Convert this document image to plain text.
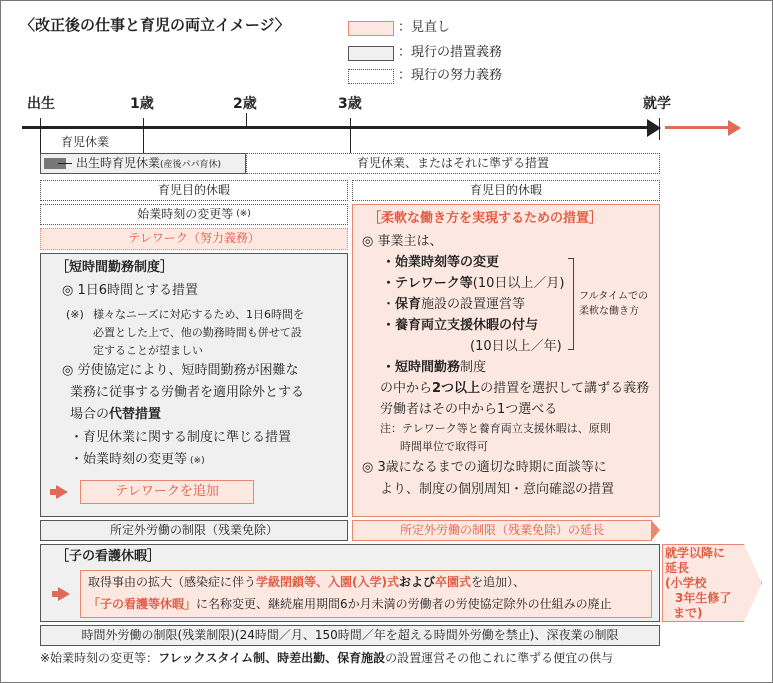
〈改正後の仕事と育児の両立イメージ〉	：見直し
：現行の措置義務
：現行の努力義務
出生	1歳	2歳	3歳	就学
育児休業
出生時育児休業(産後パパ育休)	育児休業、またはそれに準ずる措置
育児目的休暇	育児目的休暇
始業時刻の変更等 (※)
テレワーク（努力義務）
［短時間勤務制度］
◎ 1日6時間とする措置
(※) 様々なニーズに対応するため、1日6時間を
必置とした上で、他の勤務時間も併せて設
定することが望ましい
◎ 労使協定により、短時間勤務が困難な
業務に従事する労働者を適用除外とする
場合の代替措置
・育児休業に関する制度に準じる措置
・始業時刻の変更等 (※)
テレワークを追加
［柔軟な働き方を実現するための措置］
◎ 事業主は、
・始業時刻等の変更
・テレワーク等(10日以上／月)
・保育施設の設置運営等
・養育両立支援休暇の付与
(10日以上／年)
・短時間勤務制度
フルタイムでの
柔軟な働き方
の中から2つ以上の措置を選択して講ずる義務
労働者はその中から1つ選べる
注：テレワーク等と養育両立支援休暇は、原則
時間単位で取得可
◎ 3歳になるまでの適切な時期に面談等に
より、制度の個別周知・意向確認の措置
所定外労働の制限（残業免除）	所定外労働の制限（残業免除）の延長
［子の看護休暇］
取得事由の拡大（感染症に伴う学級閉鎖等、入園(入学)式および卒園式を追加）、
「子の看護等休暇」に名称変更、継続雇用期間6か月未満の労働者の労使協定除外の仕組みの廃止
就学以降に
延長
(小学校
3年生修了
まで)
時間外労働の制限(残業制限)(24時間／月、150時間／年を超える時間外労働を禁止)、深夜業の制限
※始業時刻の変更等：フレックスタイム制、時差出勤、保育施設の設置運営その他これに準ずる便宜の供与
